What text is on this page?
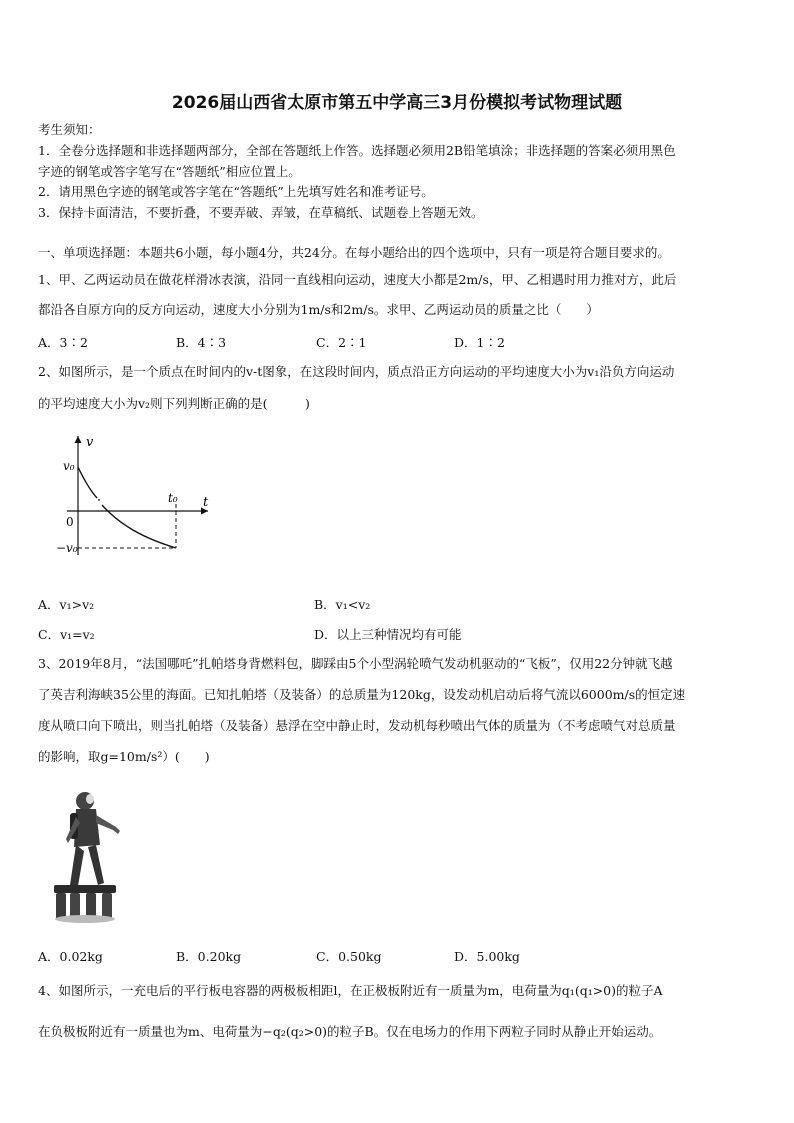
2026届山西省太原市第五中学高三3月份模拟考试物理试题
考生须知：
1．全卷分选择题和非选择题两部分，全部在答题纸上作答。选择题必须用2B铅笔填涂；非选择题的答案必须用黑色
字迹的钢笔或答字笔写在“答题纸”相应位置上。
2．请用黑色字迹的钢笔或答字笔在“答题纸”上先填写姓名和准考证号。
3．保持卡面清洁，不要折叠，不要弄破、弄皱，在草稿纸、试题卷上答题无效。
一、单项选择题：本题共6小题，每小题4分，共24分。在每小题给出的四个选项中，只有一项是符合题目要求的。
1、甲、乙两运动员在做花样滑冰表演，沿同一直线相向运动，速度大小都是2m/s，甲、乙相遇时用力推对方，此后
都沿各自原方向的反方向运动，速度大小分别为1m/s和2m/s。求甲、乙两运动员的质量之比（　　）
A．3∶2	B．4∶3	C．2∶1	D．1∶2
2、如图所示，是一个质点在时间内的v-t图象，在这段时间内，质点沿正方向运动的平均速度大小为v₁沿负方向运动
的平均速度大小为v₂则下列判断正确的是(　　　)
v
t
v₀
0
−v₀
t₀
A．v₁>v₂	B．v₁<v₂
C．v₁=v₂	D．以上三种情况均有可能
3、2019年8月，“法国哪吒”扎帕塔身背燃料包，脚踩由5个小型涡轮喷气发动机驱动的“飞板”，仅用22分钟就飞越
了英吉利海峡35公里的海面。已知扎帕塔（及装备）的总质量为120kg，设发动机启动后将气流以6000m/s的恒定速
度从喷口向下喷出，则当扎帕塔（及装备）悬浮在空中静止时，发动机每秒喷出气体的质量为（不考虑喷气对总质量
的影响，取g=10m/s²）(　　)
A．0.02kg	B．0.20kg	C．0.50kg	D．5.00kg
4、如图所示，一充电后的平行板电容器的两极板相距l，在正极板附近有一质量为m，电荷量为q₁(q₁>0)的粒子A
在负极板附近有一质量也为m、电荷量为−q₂(q₂>0)的粒子B。仅在电场力的作用下两粒子同时从静止开始运动。
